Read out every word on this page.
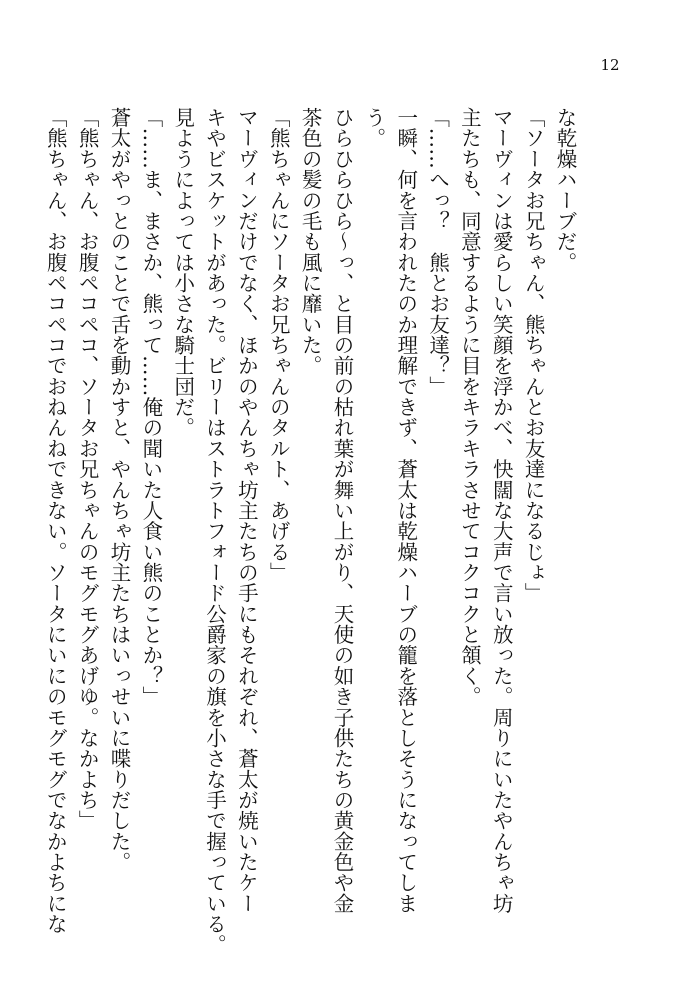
12
な乾燥ハーブだ。
「ソータお兄ちゃん、熊ちゃんとお友達になるじょ」
マーヴィンは愛らしい笑顔を浮かべ、快闊な大声で言い放った。周りにいたやんちゃ坊
主たちも、同意するように目をキラキラさせてコクコクと頷く。
「……へっ？　熊とお友達？」
一瞬、何を言われたのか理解できず、蒼太は乾燥ハーブの籠を落としそうになってしま
う。
ひらひらひら～っ、と目の前の枯れ葉が舞い上がり、天使の如き子供たちの黄金色や金
茶色の髪の毛も風に靡いた。
「熊ちゃんにソータお兄ちゃんのタルト、あげる」
マーヴィンだけでなく、ほかのやんちゃ坊主たちの手にもそれぞれ、蒼太が焼いたケー
キやビスケットがあった。ビリーはストラトフォード公爵家の旗を小さな手で握っている。
見ようによっては小さな騎士団だ。
「……ま、まさか、熊って……俺の聞いた人食い熊のことか？」
蒼太がやっとのことで舌を動かすと、やんちゃ坊主たちはいっせいに喋りだした。
「熊ちゃん、お腹ペコペコ、ソータお兄ちゃんのモグモグあげゆ。なかよち」
「熊ちゃん、お腹ペコペコでおねんねできない。ソータにいにのモグモグでなかよちにな
